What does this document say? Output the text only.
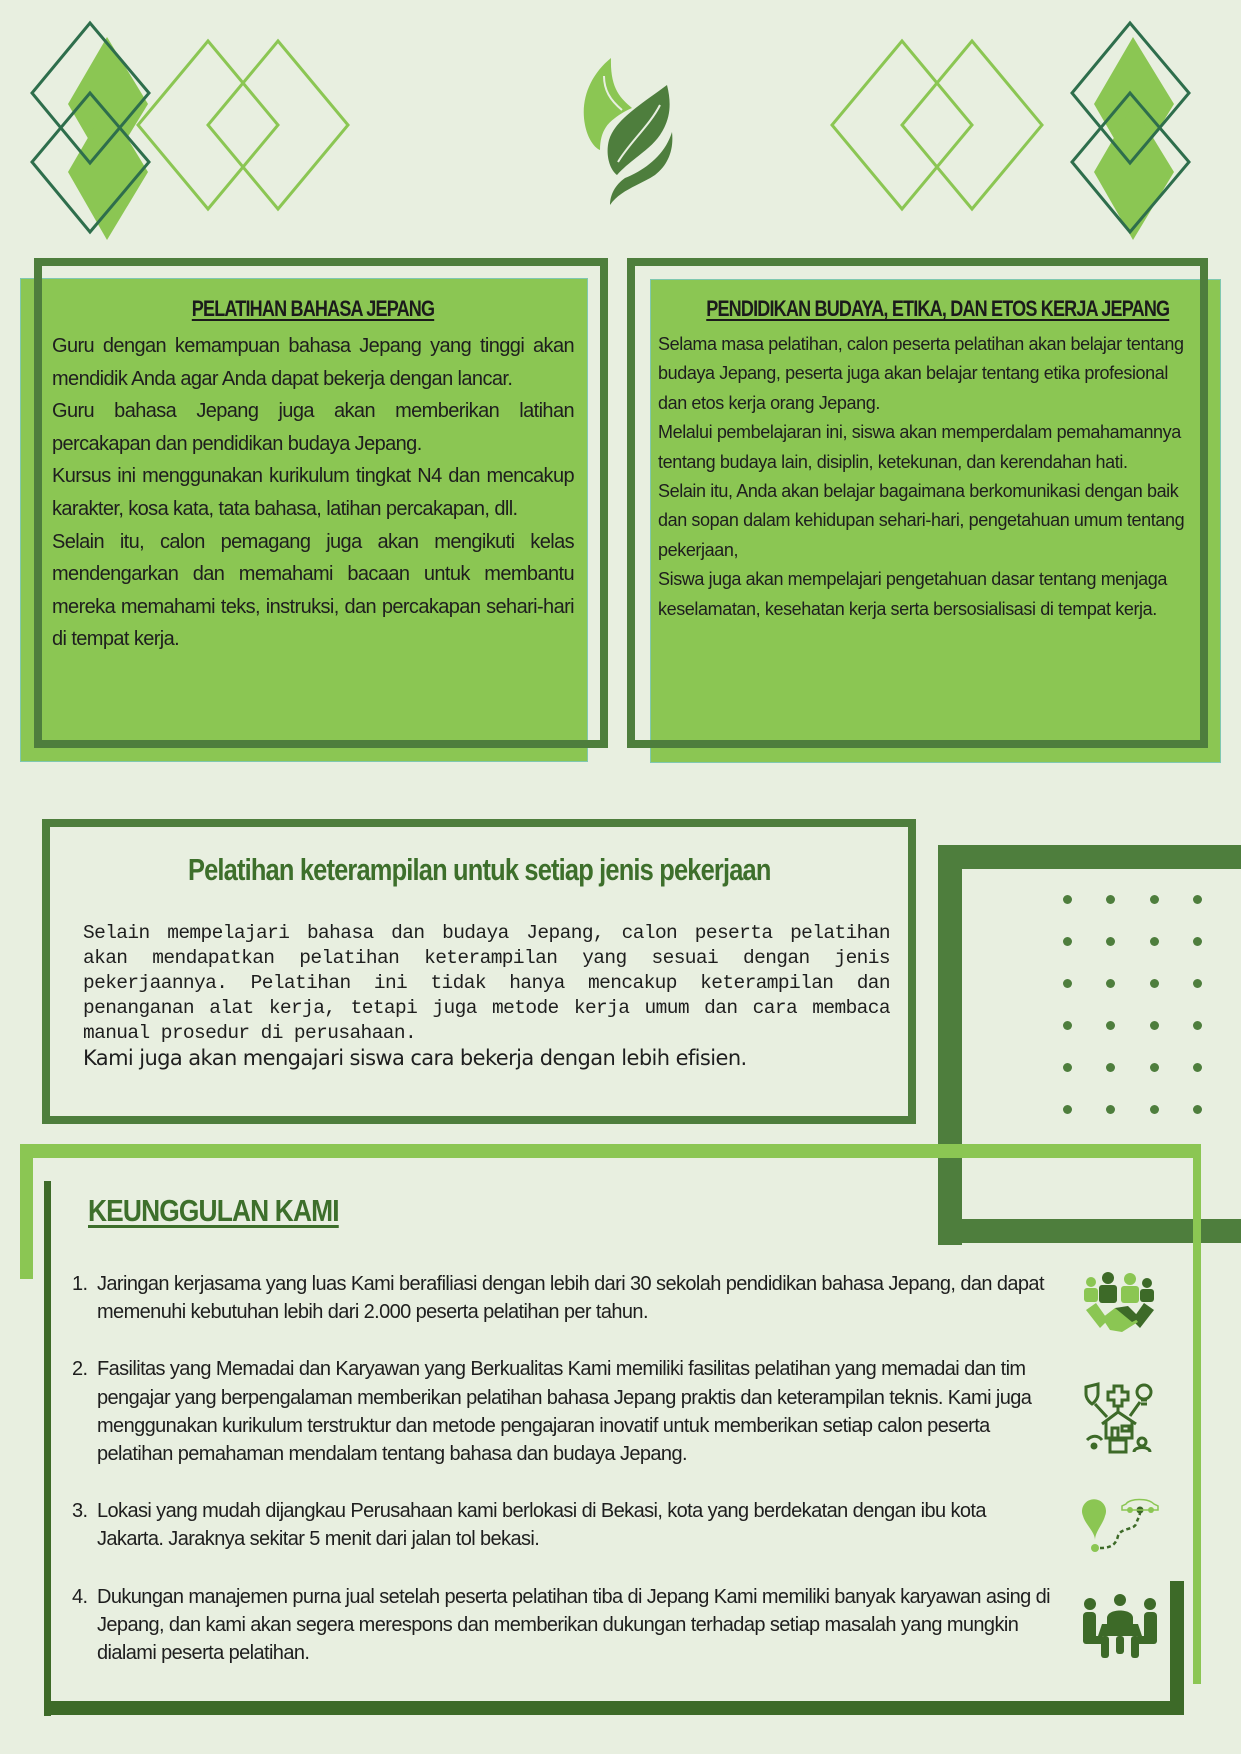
PELATIHAN BAHASA JEPANG

Guru dengan kemampuan bahasa Jepang yang tinggi akan mendidik Anda agar Anda dapat bekerja dengan lancar.

Guru bahasa Jepang juga akan memberikan latihan percakapan dan pendidikan budaya Jepang.

Kursus ini menggunakan kurikulum tingkat N4 dan mencakup karakter, kosa kata, tata bahasa, latihan percakapan, dll.

Selain itu, calon pemagang juga akan mengikuti kelas mendengarkan dan memahami bacaan untuk membantu mereka memahami teks, instruksi, dan percakapan sehari-hari di tempat kerja.

PENDIDIKAN BUDAYA, ETIKA, DAN ETOS KERJA JEPANG

Selama masa pelatihan, calon peserta pelatihan akan belajar tentang budaya Jepang, peserta juga akan belajar tentang etika profesional dan etos kerja orang Jepang.

Melalui pembelajaran ini, siswa akan memperdalam pemahamannya tentang budaya lain, disiplin, ketekunan, dan kerendahan hati.

Selain itu, Anda akan belajar bagaimana berkomunikasi dengan baik dan sopan dalam kehidupan sehari-hari, pengetahuan umum tentang pekerjaan,

Siswa juga akan mempelajari pengetahuan dasar tentang menjaga keselamatan, kesehatan kerja serta bersosialisasi di tempat kerja.

Pelatihan keterampilan untuk setiap jenis pekerjaan

Selain mempelajari bahasa dan budaya Jepang, calon peserta pelatihan akan mendapatkan pelatihan keterampilan yang sesuai dengan jenis pekerjaannya. Pelatihan ini tidak hanya mencakup keterampilan dan penanganan alat kerja, tetapi juga metode kerja umum dan cara membaca manual prosedur di perusahaan.

Kami juga akan mengajari siswa cara bekerja dengan lebih efisien.

KEUNGGULAN KAMI
1. Jaringan kerjasama yang luas Kami berafiliasi dengan lebih dari 30 sekolah pendidikan bahasa Jepang, dan dapat memenuhi kebutuhan lebih dari 2.000 peserta pelatihan per tahun.
2. Fasilitas yang Memadai dan Karyawan yang Berkualitas Kami memiliki fasilitas pelatihan yang memadai dan tim pengajar yang berpengalaman memberikan pelatihan bahasa Jepang praktis dan keterampilan teknis. Kami juga menggunakan kurikulum terstruktur dan metode pengajaran inovatif untuk memberikan setiap calon peserta pelatihan pemahaman mendalam tentang bahasa dan budaya Jepang.
3. Lokasi yang mudah dijangkau Perusahaan kami berlokasi di Bekasi, kota yang berdekatan dengan ibu kota Jakarta. Jaraknya sekitar 5 menit dari jalan tol bekasi.
4. Dukungan manajemen purna jual setelah peserta pelatihan tiba di Jepang Kami memiliki banyak karyawan asing di Jepang, dan kami akan segera merespons dan memberikan dukungan terhadap setiap masalah yang mungkin dialami peserta pelatihan.
